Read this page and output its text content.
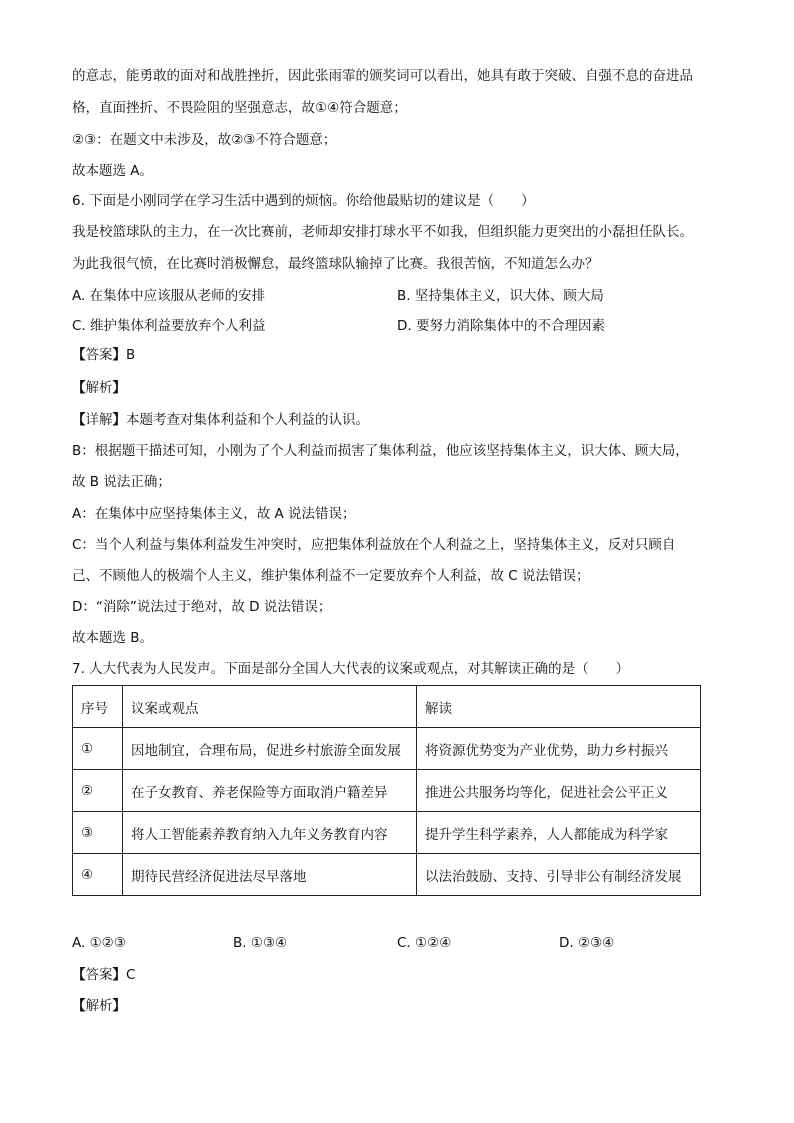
的意志，能勇敢的面对和战胜挫折，因此张雨霏的颁奖词可以看出，她具有敢于突破、自强不息的奋进品
格，直面挫折、不畏险阻的坚强意志，故①④符合题意；
②③：在题文中未涉及，故②③不符合题意；
故本题选 A。
6. 下面是小刚同学在学习生活中遇到的烦恼。你给他最贴切的建议是（　　）
我是校篮球队的主力，在一次比赛前，老师却安排打球水平不如我，但组织能力更突出的小磊担任队长。
为此我很气愤，在比赛时消极懈怠，最终篮球队输掉了比赛。我很苦恼，不知道怎么办？
A. 在集体中应该服从老师的安排	B. 坚持集体主义，识大体、顾大局
C. 维护集体利益要放弃个人利益	D. 要努力消除集体中的不合理因素
【答案】B
【解析】
【详解】本题考查对集体利益和个人利益的认识。
B：根据题干描述可知，小刚为了个人利益而损害了集体利益，他应该坚持集体主义，识大体、顾大局，
故 B 说法正确；
A：在集体中应坚持集体主义，故 A 说法错误；
C：当个人利益与集体利益发生冲突时，应把集体利益放在个人利益之上，坚持集体主义，反对只顾自
己、不顾他人的极端个人主义，维护集体利益不一定要放弃个人利益，故 C 说法错误；
D：“消除”说法过于绝对，故 D 说法错误；
故本题选 B。
7. 人大代表为人民发声。下面是部分全国人大代表的议案或观点，对其解读正确的是（　　）
序号	议案或观点	解读
①	因地制宜，合理布局，促进乡村旅游全面发展	将资源优势变为产业优势，助力乡村振兴
②	在子女教育、养老保险等方面取消户籍差异	推进公共服务均等化，促进社会公平正义
③	将人工智能素养教育纳入九年义务教育内容	提升学生科学素养，人人都能成为科学家
④	期待民营经济促进法尽早落地	以法治鼓励、支持、引导非公有制经济发展
A. ①②③	B. ①③④	C. ①②④	D. ②③④
【答案】C
【解析】
